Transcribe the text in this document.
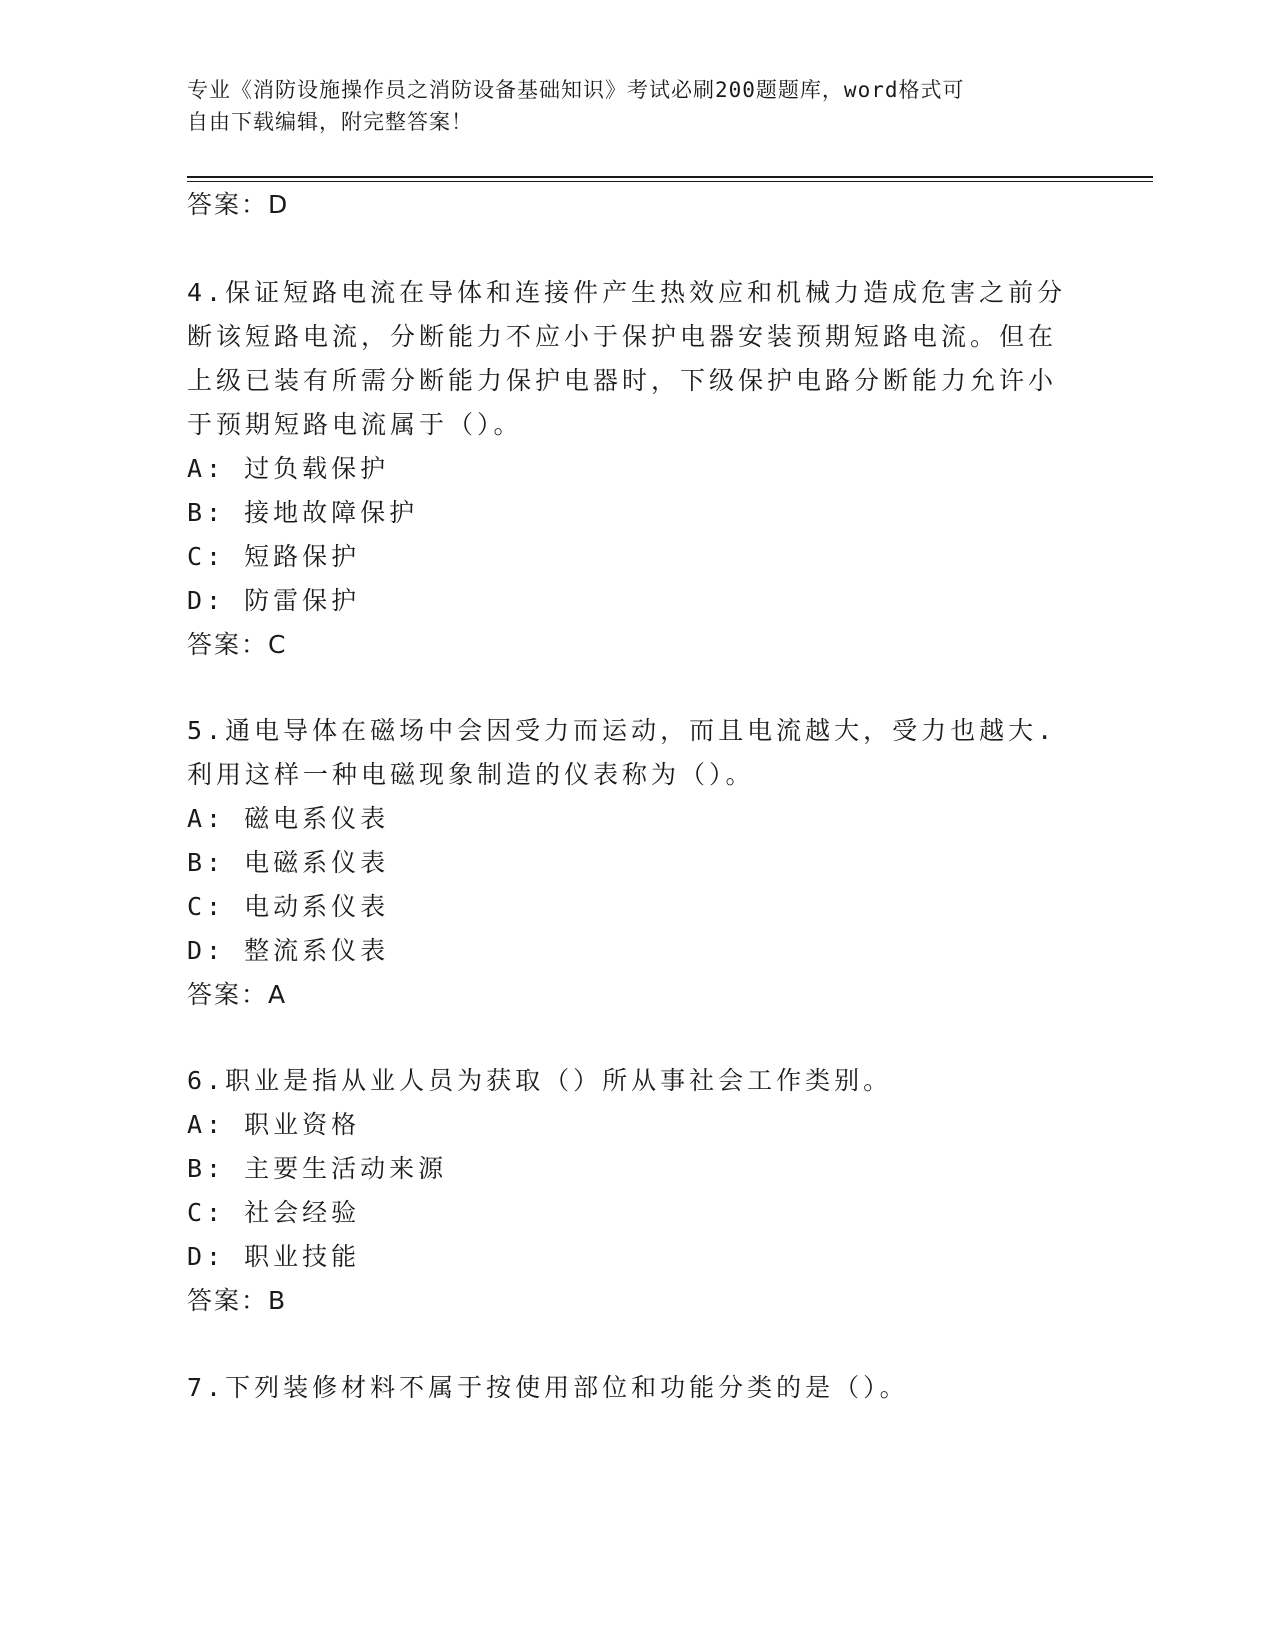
专业《消防设施操作员之消防设备基础知识》考试必刷200题题库，word格式可
自由下载编辑，附完整答案！

答案：D

4.保证短路电流在导体和连接件产生热效应和机械力造成危害之前分

断该短路电流，分断能力不应小于保护电器安装预期短路电流。但在

上级已装有所需分断能力保护电器时，下级保护电路分断能力允许小

于预期短路电流属于（）。

A: 过负载保护

B: 接地故障保护

C: 短路保护

D: 防雷保护

答案：C

5.通电导体在磁场中会因受力而运动，而且电流越大，受力也越大.

利用这样一种电磁现象制造的仪表称为（）。

A: 磁电系仪表

B: 电磁系仪表

C: 电动系仪表

D: 整流系仪表

答案：A

6.职业是指从业人员为获取（）所从事社会工作类别。

A: 职业资格

B: 主要生活动来源

C: 社会经验

D: 职业技能

答案：B

7.下列装修材料不属于按使用部位和功能分类的是（）。
